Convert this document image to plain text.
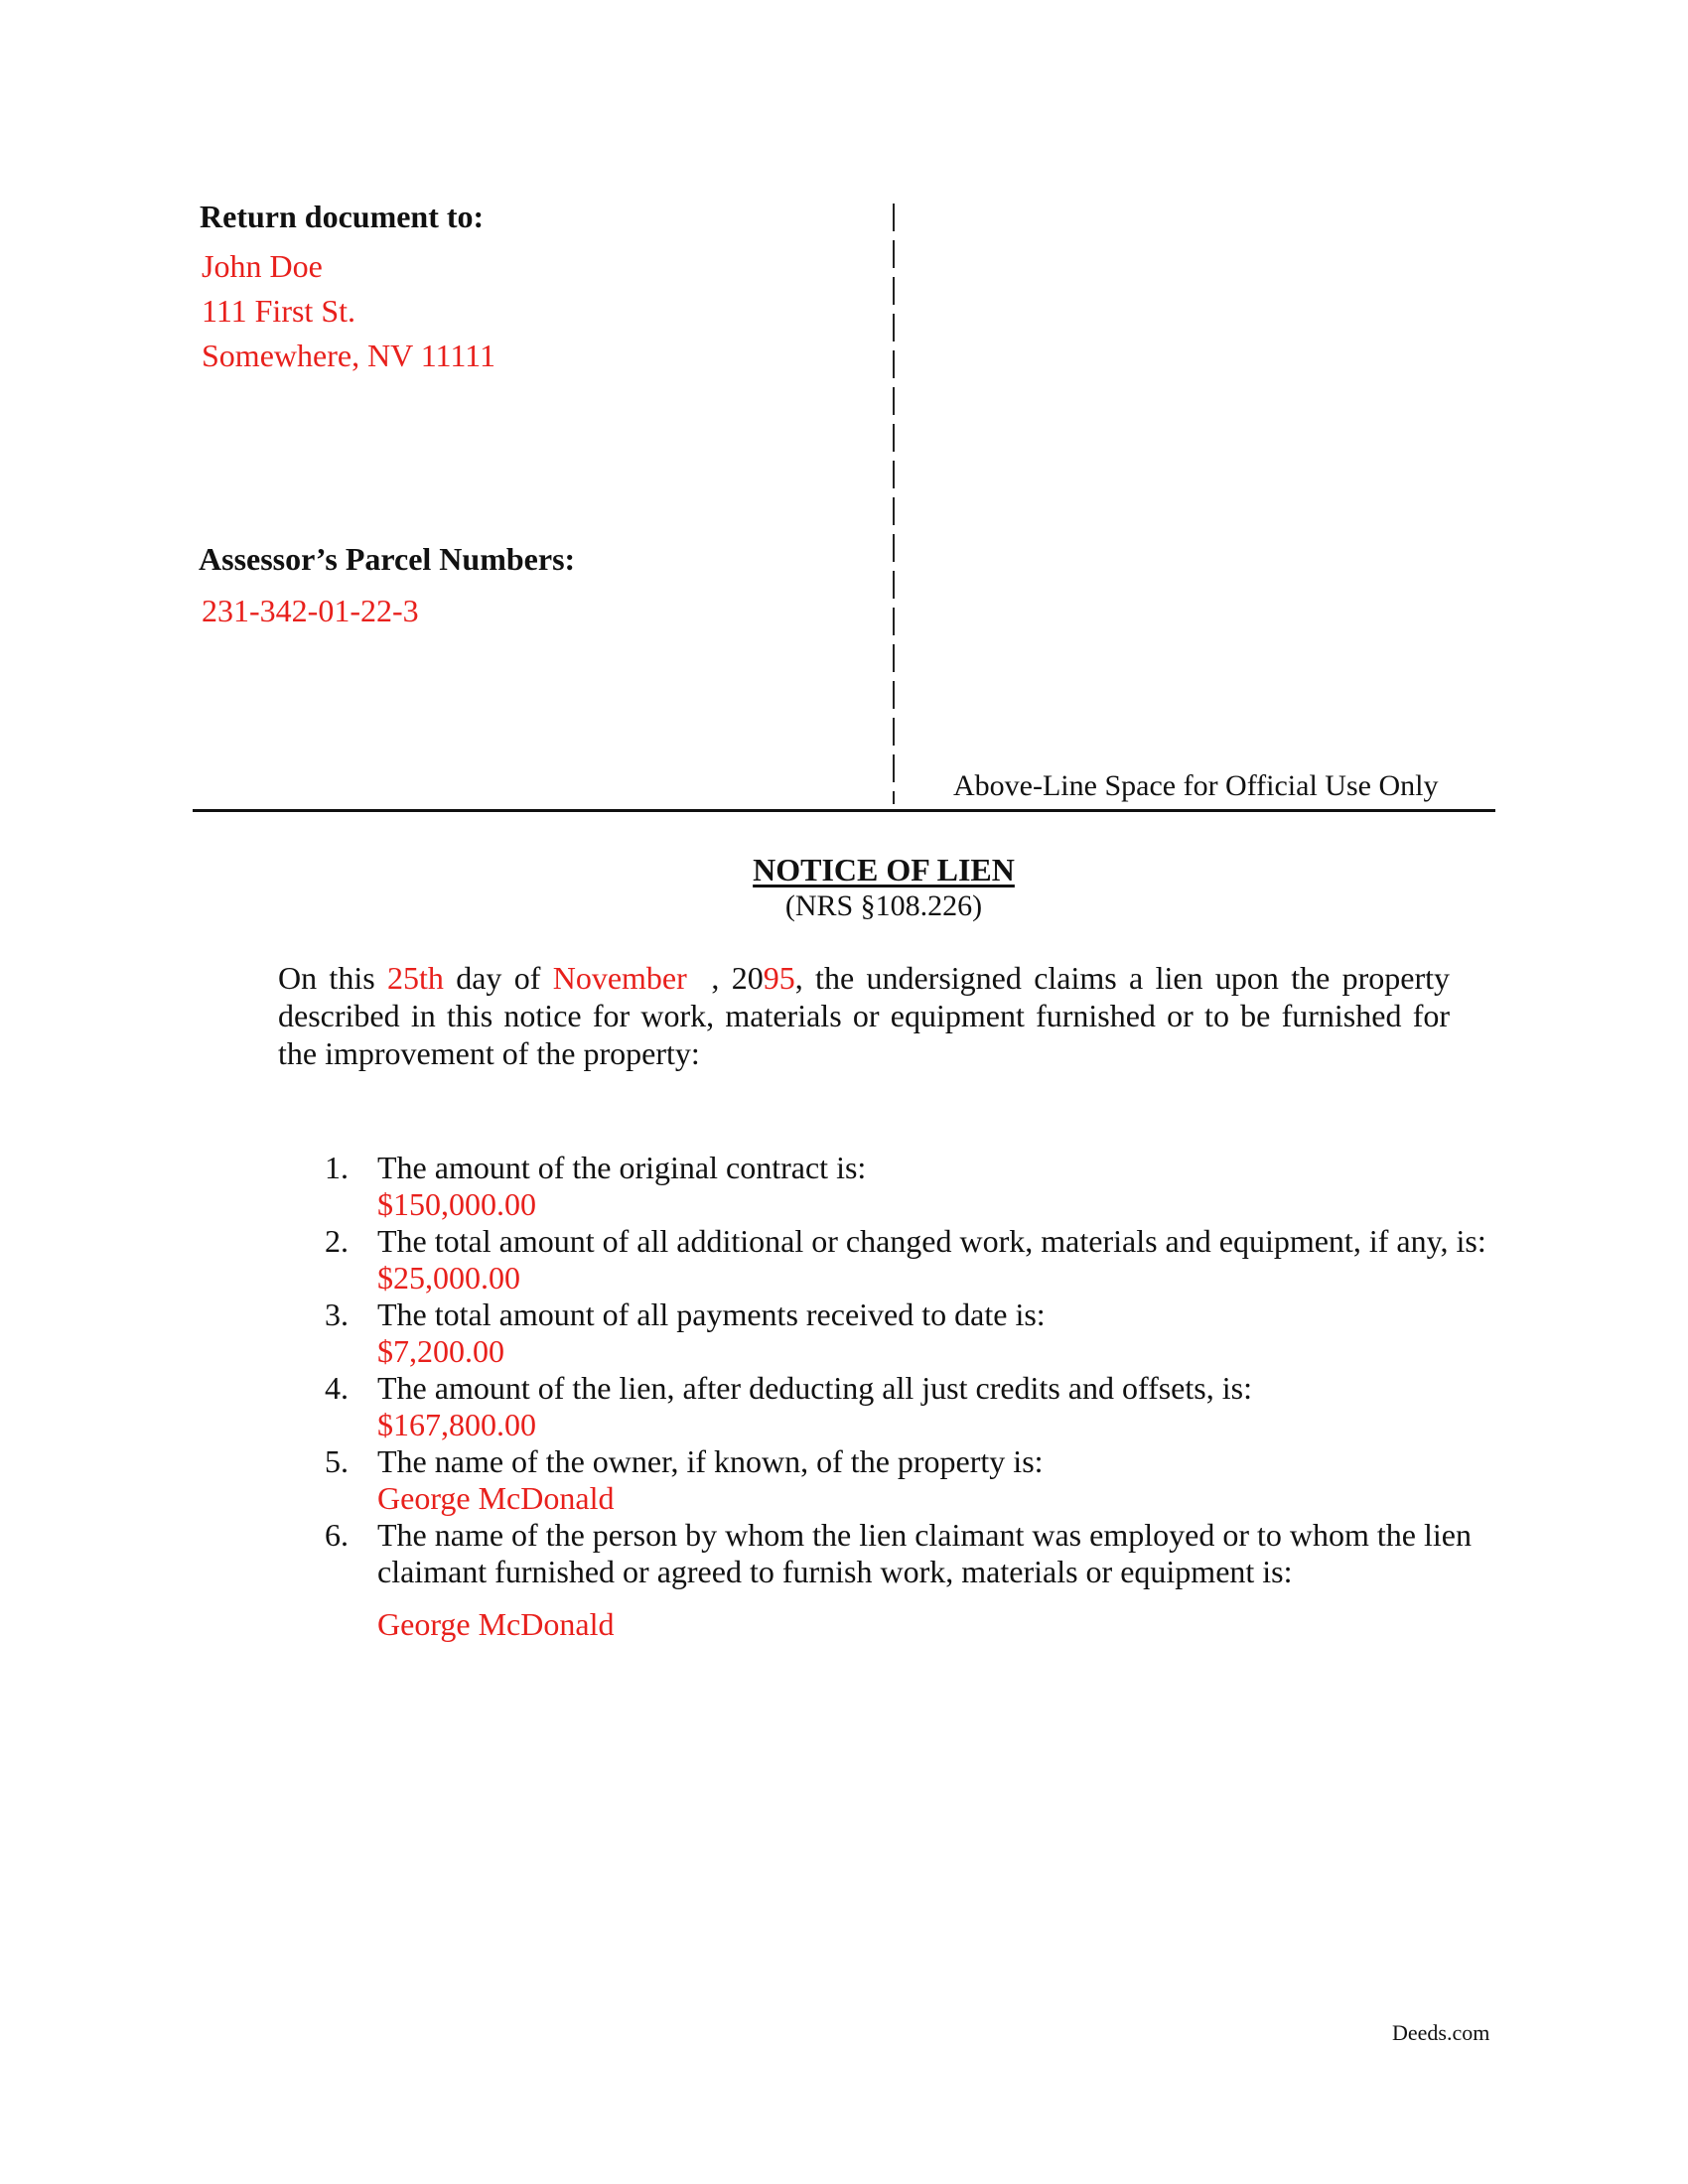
Return document to:
John Doe
111 First St.
Somewhere, NV 11111
Assessor’s Parcel Numbers:
231-342-01-22-3
Above-Line Space for Official Use Only
NOTICE OF LIEN
(NRS §108.226)
On this 25th day of November  , 2095, the undersigned claims a lien upon the property described in this notice for work, materials or equipment furnished or to be furnished for the improvement of the property:
1. The amount of the original contract is:
$150,000.00
2. The total amount of all additional or changed work, materials and equipment, if any, is:
$25,000.00
3. The total amount of all payments received to date is:
$7,200.00
4. The amount of the lien, after deducting all just credits and offsets, is:
$167,800.00
5. The name of the owner, if known, of the property is:
George McDonald
6. The name of the person by whom the lien claimant was employed or to whom the lien claimant furnished or agreed to furnish work, materials or equipment is:
George McDonald
Deeds.com
